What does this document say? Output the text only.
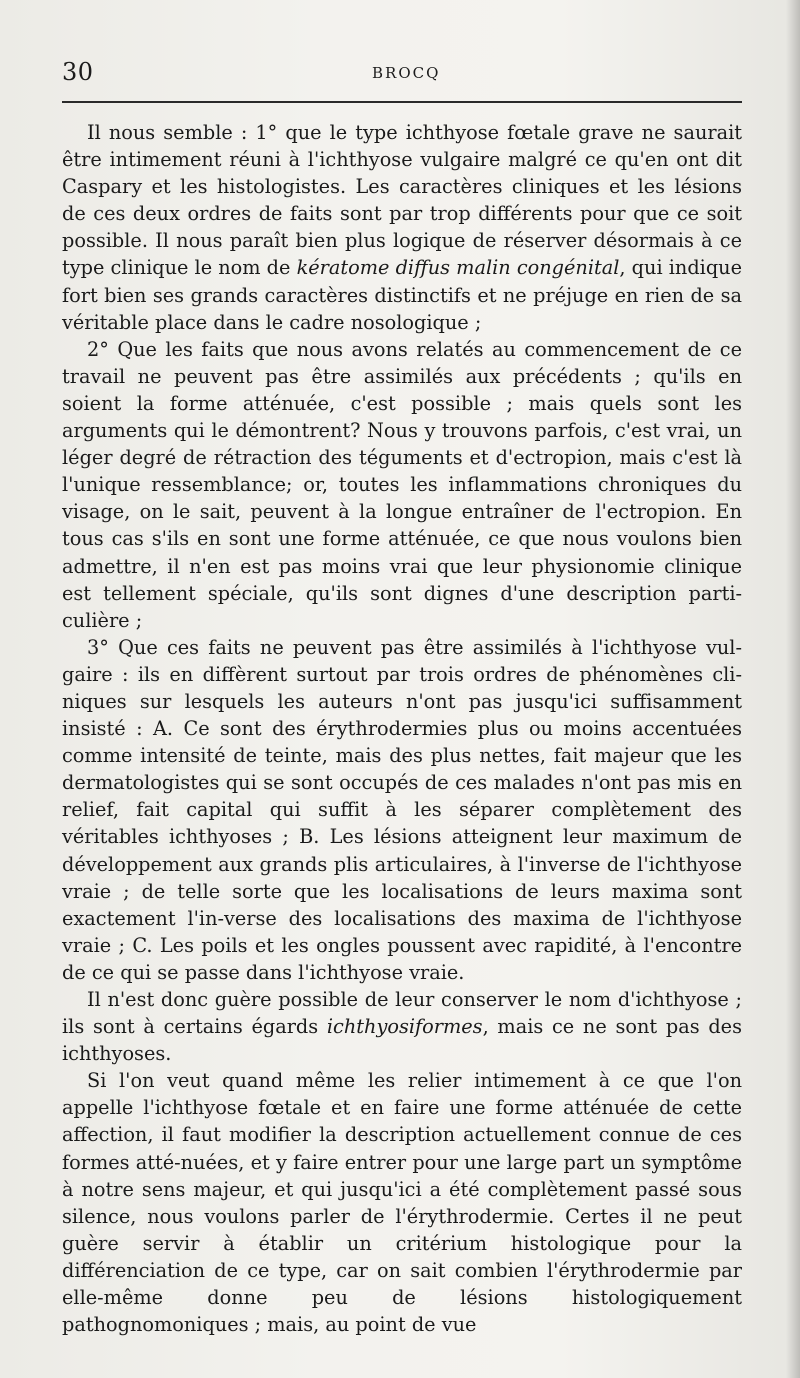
30	BROCQ

Il nous semble : 1° que le type ichthyose fœtale grave ne saurait être intimement réuni à l'ichthyose vulgaire malgré ce qu'en ont dit Caspary et les histologistes. Les caractères cliniques et les lésions de ces deux ordres de faits sont par trop différents pour que ce soit possible. Il nous paraît bien plus logique de réserver désormais à ce type clinique le nom de kératome diffus malin congénital, qui indique fort bien ses grands caractères distinctifs et ne préjuge en rien de sa véritable place dans le cadre nosologique ;

2° Que les faits que nous avons relatés au commencement de ce travail ne peuvent pas être assimilés aux précédents ; qu'ils en soient la forme atténuée, c'est possible ; mais quels sont les arguments qui le démontrent? Nous y trouvons parfois, c'est vrai, un léger degré de rétraction des téguments et d'ectropion, mais c'est là l'unique ressemblance; or, toutes les inflammations chroniques du visage, on le sait, peuvent à la longue entraîner de l'ectropion. En tous cas s'ils en sont une forme atténuée, ce que nous voulons bien admettre, il n'en est pas moins vrai que leur physionomie clinique est tellement spéciale, qu'ils sont dignes d'une description parti-culière ;

3° Que ces faits ne peuvent pas être assimilés à l'ichthyose vul-gaire : ils en diffèrent surtout par trois ordres de phénomènes cli-niques sur lesquels les auteurs n'ont pas jusqu'ici suffisamment insisté : A. Ce sont des érythrodermies plus ou moins accentuées comme intensité de teinte, mais des plus nettes, fait majeur que les dermatologistes qui se sont occupés de ces malades n'ont pas mis en relief, fait capital qui suffit à les séparer complètement des véritables ichthyoses ; B. Les lésions atteignent leur maximum de développement aux grands plis articulaires, à l'inverse de l'ichthyose vraie ; de telle sorte que les localisations de leurs maxima sont exactement l'in-verse des localisations des maxima de l'ichthyose vraie ; C. Les poils et les ongles poussent avec rapidité, à l'encontre de ce qui se passe dans l'ichthyose vraie.

Il n'est donc guère possible de leur conserver le nom d'ichthyose ; ils sont à certains égards ichthyosiformes, mais ce ne sont pas des ichthyoses.

Si l'on veut quand même les relier intimement à ce que l'on appelle l'ichthyose fœtale et en faire une forme atténuée de cette affection, il faut modifier la description actuellement connue de ces formes atté-nuées, et y faire entrer pour une large part un symptôme à notre sens majeur, et qui jusqu'ici a été complètement passé sous silence, nous voulons parler de l'érythrodermie. Certes il ne peut guère servir à établir un critérium histologique pour la différenciation de ce type, car on sait combien l'érythrodermie par elle-même donne peu de lésions histologiquement pathognomoniques ; mais, au point de vue
